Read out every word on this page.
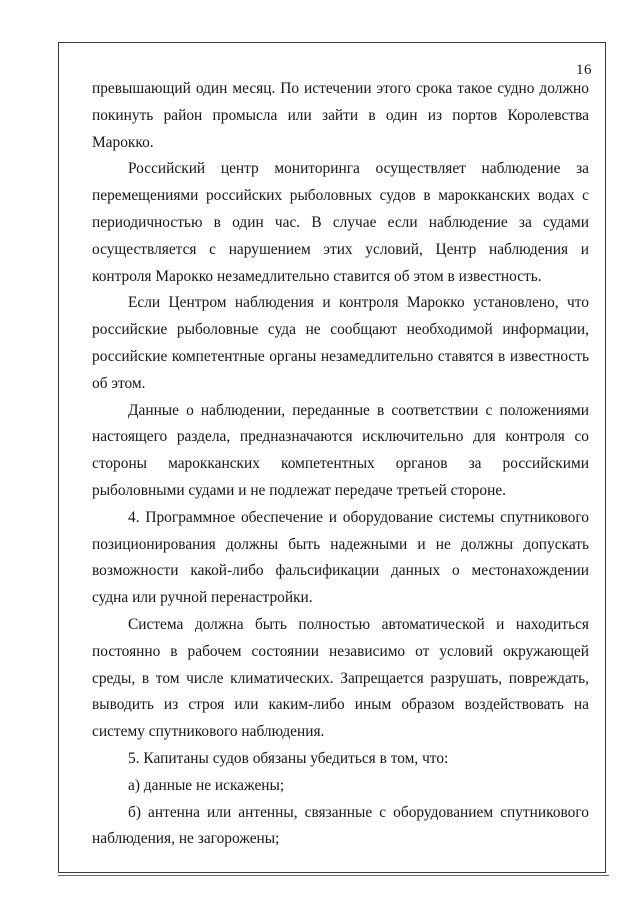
16

превышающий один месяц. По истечении этого срока такое судно должно покинуть район промысла или зайти в один из портов Королевства Марокко.

Российский центр мониторинга осуществляет наблюдение за перемещениями российских рыболовных судов в марокканских водах с периодичностью в один час. В случае если наблюдение за судами осуществляется с нарушением этих условий, Центр наблюдения и контроля Марокко незамедлительно ставится об этом в известность.

Если Центром наблюдения и контроля Марокко установлено, что российские рыболовные суда не сообщают необходимой информации, российские компетентные органы незамедлительно ставятся в известность об этом.

Данные о наблюдении, переданные в соответствии с положениями настоящего раздела, предназначаются исключительно для контроля со стороны марокканских компетентных органов за российскими рыболовными судами и не подлежат передаче третьей стороне.

4. Программное обеспечение и оборудование системы спутникового позиционирования должны быть надежными и не должны допускать возможности какой-либо фальсификации данных о местонахождении судна или ручной перенастройки.

Система должна быть полностью автоматической и находиться постоянно в рабочем состоянии независимо от условий окружающей среды, в том числе климатических. Запрещается разрушать, повреждать, выводить из строя или каким-либо иным образом воздействовать на систему спутникового наблюдения.

5. Капитаны судов обязаны убедиться в том, что:

а) данные не искажены;

б) антенна или антенны, связанные с оборудованием спутникового наблюдения, не загорожены;
